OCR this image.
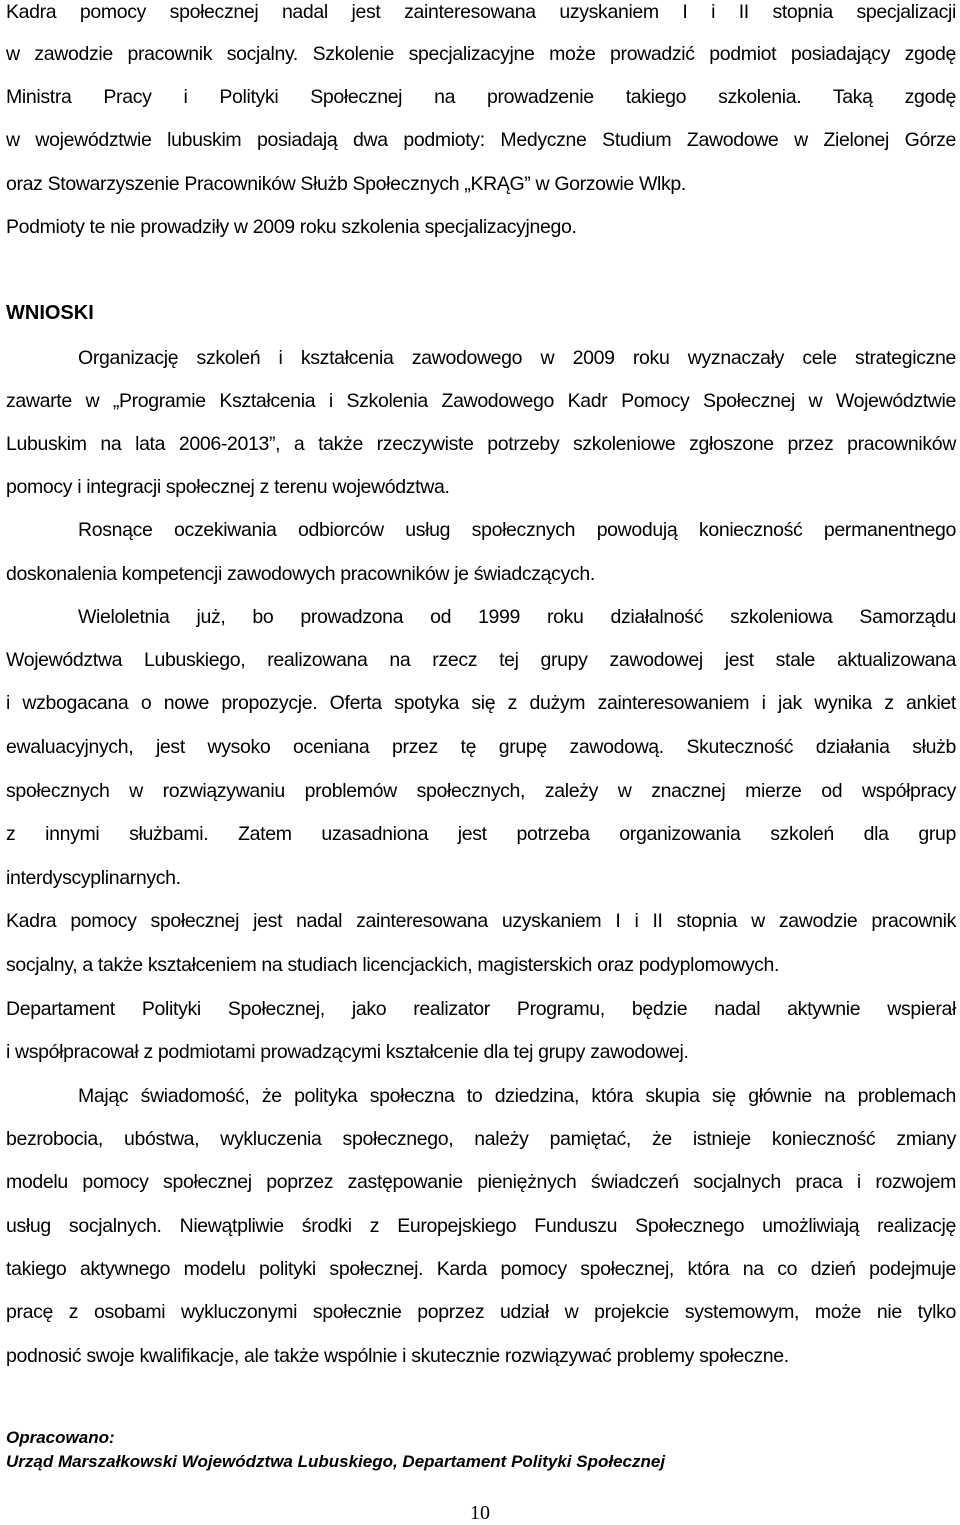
Kadra pomocy społecznej nadal jest zainteresowana uzyskaniem I i II stopnia specjalizacji
w zawodzie pracownik socjalny. Szkolenie specjalizacyjne może prowadzić podmiot posiadający zgodę
Ministra Pracy i Polityki Społecznej na prowadzenie takiego szkolenia. Taką zgodę
w województwie lubuskim posiadają dwa podmioty: Medyczne Studium Zawodowe w Zielonej Górze
oraz Stowarzyszenie Pracowników Służb Społecznych „KRĄG” w Gorzowie Wlkp.
Podmioty te nie prowadziły w 2009 roku szkolenia specjalizacyjnego.
WNIOSKI
Organizację szkoleń i kształcenia zawodowego w 2009 roku wyznaczały cele strategiczne
zawarte w „Programie Kształcenia i Szkolenia Zawodowego Kadr Pomocy Społecznej w Województwie
Lubuskim na lata 2006-2013”, a także rzeczywiste potrzeby szkoleniowe zgłoszone przez pracowników
pomocy i integracji społecznej z terenu województwa.
Rosnące oczekiwania odbiorców usług społecznych powodują konieczność permanentnego
doskonalenia kompetencji zawodowych pracowników je świadczących.
Wieloletnia już, bo prowadzona od 1999 roku działalność szkoleniowa Samorządu
Województwa Lubuskiego, realizowana na rzecz tej grupy zawodowej jest stale aktualizowana
i wzbogacana o nowe propozycje. Oferta spotyka się z dużym zainteresowaniem i jak wynika z ankiet
ewaluacyjnych, jest wysoko oceniana przez tę grupę zawodową. Skuteczność działania służb
społecznych w rozwiązywaniu problemów społecznych, zależy w znacznej mierze od współpracy
z innymi służbami. Zatem uzasadniona jest potrzeba organizowania szkoleń dla grup
interdyscyplinarnych.
Kadra pomocy społecznej jest nadal zainteresowana uzyskaniem I i II stopnia w zawodzie pracownik
socjalny, a także kształceniem na studiach licencjackich, magisterskich oraz podyplomowych.
Departament Polityki Społecznej, jako realizator Programu, będzie nadal aktywnie wspierał
i współpracował z podmiotami prowadzącymi kształcenie dla tej grupy zawodowej.
Mając świadomość, że polityka społeczna to dziedzina, która skupia się głównie na problemach
bezrobocia, ubóstwa, wykluczenia społecznego, należy pamiętać, że istnieje konieczność zmiany
modelu pomocy społecznej poprzez zastępowanie pieniężnych świadczeń socjalnych praca i rozwojem
usług socjalnych. Niewątpliwie środki z Europejskiego Funduszu Społecznego umożliwiają realizację
takiego aktywnego modelu polityki społecznej. Karda pomocy społecznej, która na co dzień podejmuje
pracę z osobami wykluczonymi społecznie poprzez udział w projekcie systemowym, może nie tylko
podnosić swoje kwalifikacje, ale także wspólnie i skutecznie rozwiązywać problemy społeczne.
Opracowano:
Urząd Marszałkowski Województwa Lubuskiego, Departament Polityki Społecznej
10
